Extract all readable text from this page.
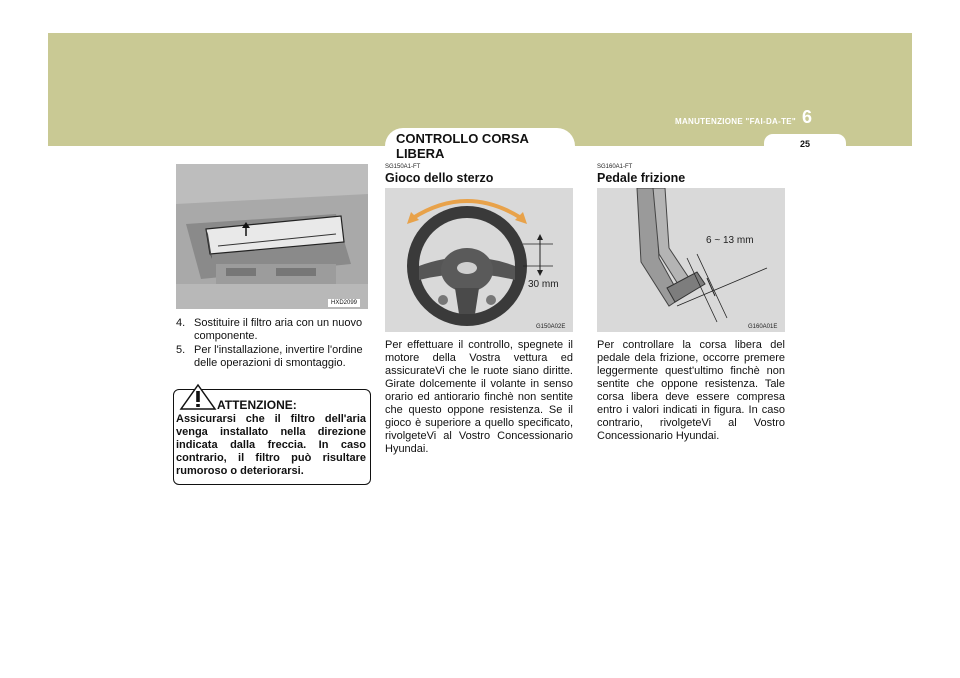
MANUTENZIONE "FAI-DA-TE" 6
25
CONTROLLO CORSA LIBERA
HXD2099
4. Sostituire il filtro aria con un nuovo componente.
5. Per l'installazione, invertire l'ordine delle operazioni di smontaggio.
ATTENZIONE:
Assicurarsi che il filtro dell'aria venga installato nella direzione indicata dalla freccia. In caso contrario, il filtro può risultare rumoroso o deteriorarsi.
SG150A1-FT
Gioco dello sterzo
30 mm
G150A02E
Per effettuare il controllo, spegnete il motore della Vostra vettura ed assicurateVi che le ruote siano diritte. Girate dolcemente il volante in senso orario ed antiorario finchè non sentite che questo oppone resistenza. Se il gioco è superiore a quello specificato, rivolgeteVi al Vostro Concessionario Hyundai.
SG160A1-FT
Pedale frizione
6 ~ 13 mm
G160A01E
Per controllare la corsa libera del pedale dela frizione, occorre premere leggermente quest'ultimo finchè non sentite che oppone resistenza. Tale corsa libera deve essere compresa entro i valori indicati in figura. In caso contrario, rivolgeteVi al Vostro Concessionario Hyundai.
